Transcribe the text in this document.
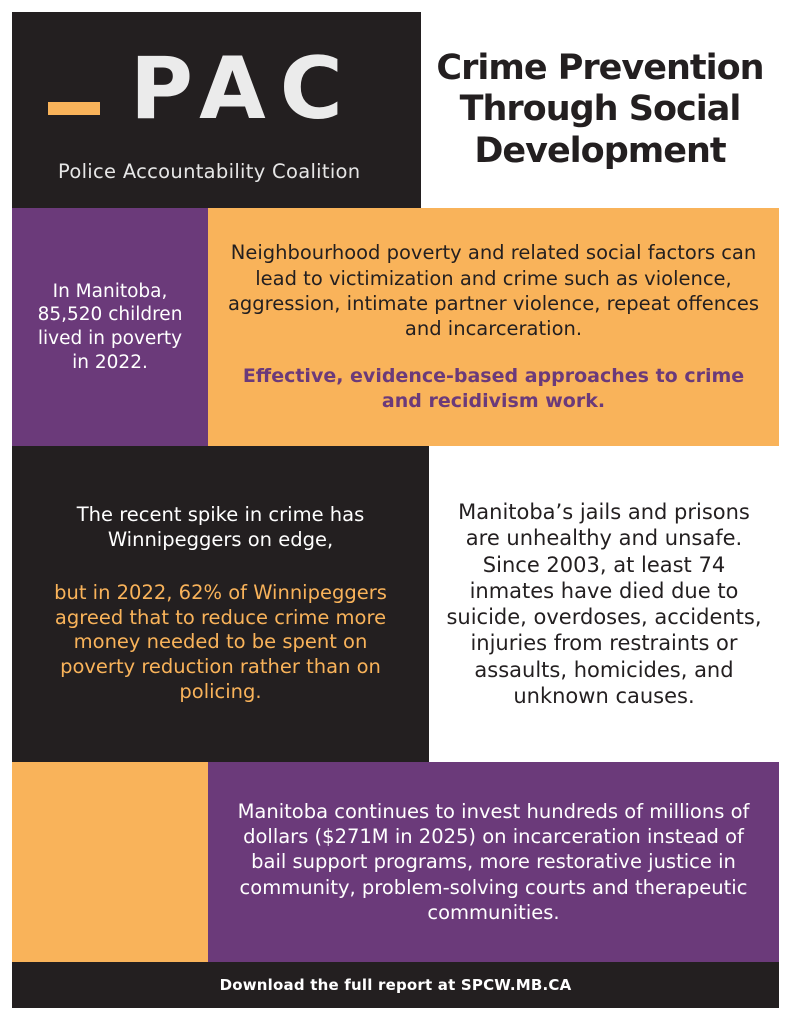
PAC
Police Accountability Coalition
Crime Prevention Through Social Development

In Manitoba, 85,520 children lived in poverty in 2022.

Neighbourhood poverty and related social factors can lead to victimization and crime such as violence, aggression, intimate partner violence, repeat offences and incarceration.

Effective, evidence-based approaches to crime and recidivism work.

The recent spike in crime has Winnipeggers on edge,

but in 2022, 62% of Winnipeggers agreed that to reduce crime more money needed to be spent on poverty reduction rather than on policing.

Manitoba’s jails and prisons are unhealthy and unsafe. Since 2003, at least 74 inmates have died due to suicide, overdoses, accidents, injuries from restraints or assaults, homicides, and unknown causes.

Manitoba continues to invest hundreds of millions of dollars ($271M in 2025) on incarceration instead of bail support programs, more restorative justice in community, problem-solving courts and therapeutic communities.

Download the full report at SPCW.MB.CA
